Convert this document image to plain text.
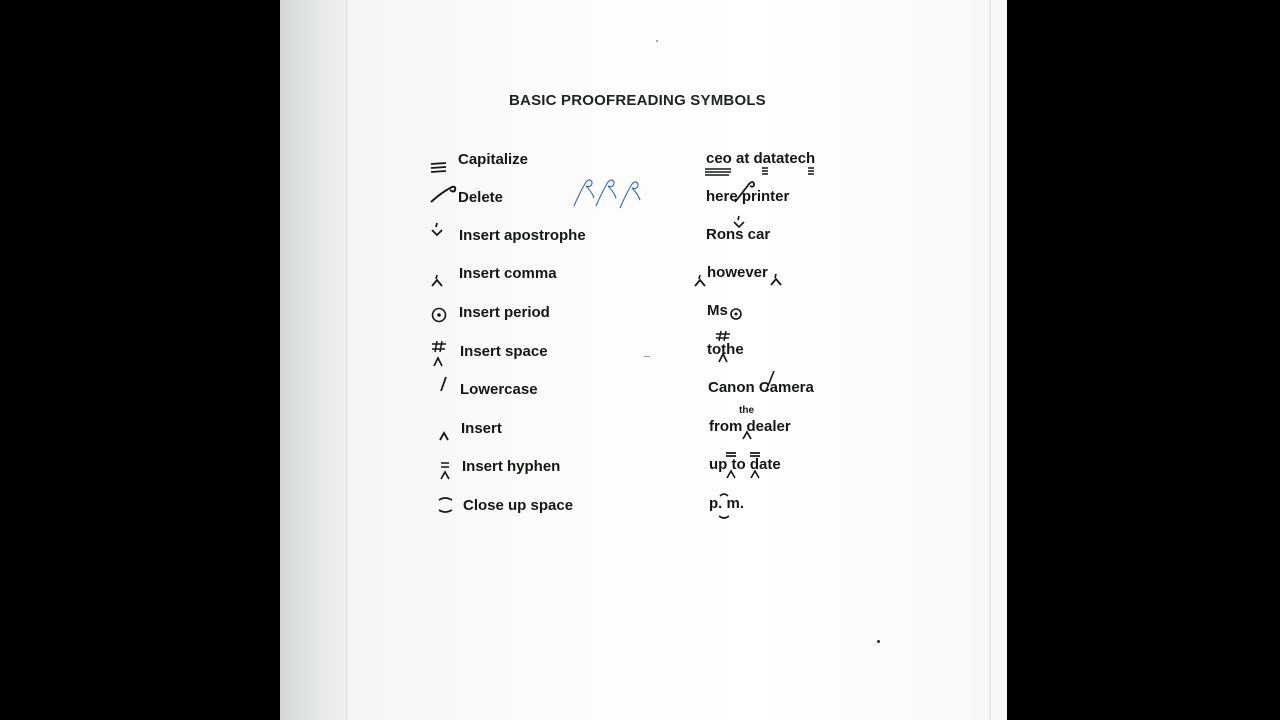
BASIC PROOFREADING SYMBOLS
Capitalize	ceo at datatech
Delete	here printer
Insert apostrophe	Rons car
Insert comma	however
Insert period	Ms
Insert space	tothe
Lowercase	Canon Camera
Insert	from dealer
the
Insert hyphen	up to date
Close up space	p. m.
